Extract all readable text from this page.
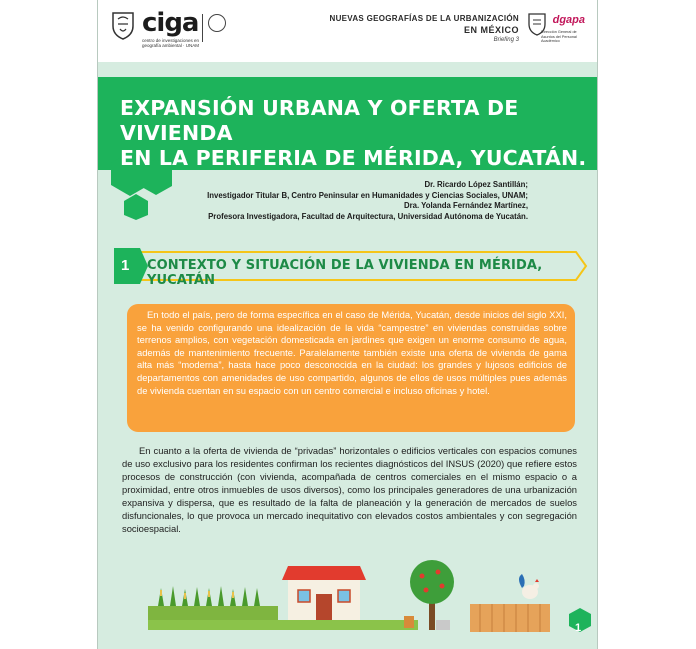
ciga
centro de investigaciones en geografía ambiental · UNAM
NUEVAS GEOGRAFÍAS DE LA URBANIZACIÓN
EN MÉXICO
Briefing 3
dgapa
Dirección General de Asuntos del Personal Académico
EXPANSIÓN URBANA Y OFERTA DE VIVIENDA
EN LA PERIFERIA DE MÉRIDA, YUCATÁN.
Dr. Ricardo López Santillán;
Investigador Titular B, Centro Peninsular en Humanidades y Ciencias Sociales, UNAM;
Dra. Yolanda Fernández Martínez,
Profesora Investigadora, Facultad de Arquitectura, Universidad Autónoma de Yucatán.
1 CONTEXTO Y SITUACIÓN DE LA VIVIENDA EN MÉRIDA, YUCATÁN
En todo el país, pero de forma específica en el caso de Mérida, Yucatán, desde inicios del siglo XXI, se ha venido configurando una idealización de la vida “campestre” en viviendas construidas sobre terrenos amplios, con vegetación domesticada en jardines que exigen un enorme consumo de agua, además de mantenimiento frecuente. Paralelamente también existe una oferta de vivienda de gama alta más “moderna”, hasta hace poco desconocida en la ciudad: los grandes y lujosos edificios de departamentos con amenidades de uso compartido, algunos de ellos de usos múltiples pues además de vivienda cuentan en su espacio con un centro comercial e incluso oficinas y hotel.
En cuanto a la oferta de vivienda de “privadas” horizontales o edificios verticales con espacios comunes de uso exclusivo para los residentes confirman los recientes diagnósticos del INSUS (2020) que refiere estos procesos de construcción (con vivienda, acompañada de centros comerciales en el mismo espacio o a proximidad, entre otros inmuebles de usos diversos), como los principales generadores de una urbanización expansiva y dispersa, que es resultado de la falta de planeación y la generación de mercados de suelos disfuncionales, lo que provoca un mercado inequitativo con elevados costos ambientales y con segregación socioespacial.
1
